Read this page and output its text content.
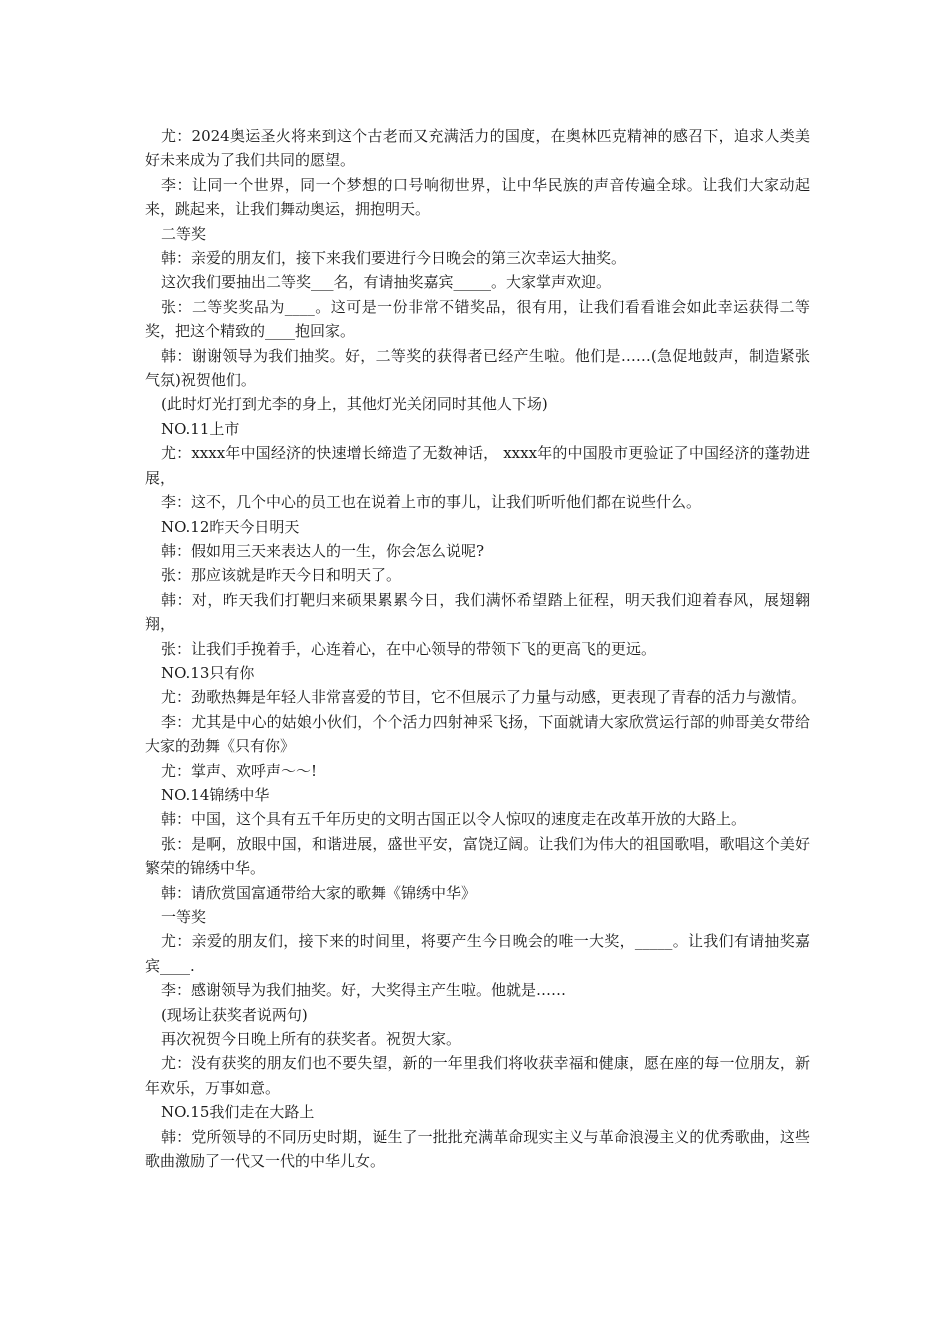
尤：2024奥运圣火将来到这个古老而又充满活力的国度，在奥林匹克精神的感召下，追求人类美好未来成为了我们共同的愿望。

李：让同一个世界，同一个梦想的口号响彻世界，让中华民族的声音传遍全球。让我们大家动起来，跳起来，让我们舞动奥运，拥抱明天。

二等奖

韩：亲爱的朋友们，接下来我们要进行今日晚会的第三次幸运大抽奖。

这次我们要抽出二等奖___名，有请抽奖嘉宾_____。大家掌声欢迎。

张：二等奖奖品为____。这可是一份非常不错奖品，很有用，让我们看看谁会如此幸运获得二等奖，把这个精致的____抱回家。

韩：谢谢领导为我们抽奖。好，二等奖的获得者已经产生啦。他们是……(急促地鼓声，制造紧张气氛)祝贺他们。

(此时灯光打到尤李的身上，其他灯光关闭同时其他人下场)

NO.11上市

尤：xxxx年中国经济的快速增长缔造了无数神话， xxxx年的中国股市更验证了中国经济的蓬勃进展，

李：这不，几个中心的员工也在说着上市的事儿，让我们听听他们都在说些什么。

NO.12昨天今日明天

韩：假如用三天来表达人的一生，你会怎么说呢?

张：那应该就是昨天今日和明天了。

韩：对，昨天我们打靶归来硕果累累今日，我们满怀希望踏上征程，明天我们迎着春风，展翅翱翔，

张：让我们手挽着手，心连着心，在中心领导的带领下飞的更高飞的更远。

NO.13只有你

尤：劲歌热舞是年轻人非常喜爱的节目，它不但展示了力量与动感，更表现了青春的活力与激情。

李：尤其是中心的姑娘小伙们，个个活力四射神采飞扬，下面就请大家欣赏运行部的帅哥美女带给大家的劲舞《只有你》

尤：掌声、欢呼声～～!

NO.14锦绣中华

韩：中国，这个具有五千年历史的文明古国正以令人惊叹的速度走在改革开放的大路上。

张：是啊，放眼中国，和谐进展，盛世平安，富饶辽阔。让我们为伟大的祖国歌唱，歌唱这个美好繁荣的锦绣中华。

韩：请欣赏国富通带给大家的歌舞《锦绣中华》

一等奖

尤：亲爱的朋友们，接下来的时间里，将要产生今日晚会的唯一大奖，_____。让我们有请抽奖嘉宾____.

李：感谢领导为我们抽奖。好，大奖得主产生啦。他就是……

(现场让获奖者说两句)

再次祝贺今日晚上所有的获奖者。祝贺大家。

尤：没有获奖的朋友们也不要失望，新的一年里我们将收获幸福和健康，愿在座的每一位朋友，新年欢乐，万事如意。

NO.15我们走在大路上

韩：党所领导的不同历史时期，诞生了一批批充满革命现实主义与革命浪漫主义的优秀歌曲，这些歌曲激励了一代又一代的中华儿女。
